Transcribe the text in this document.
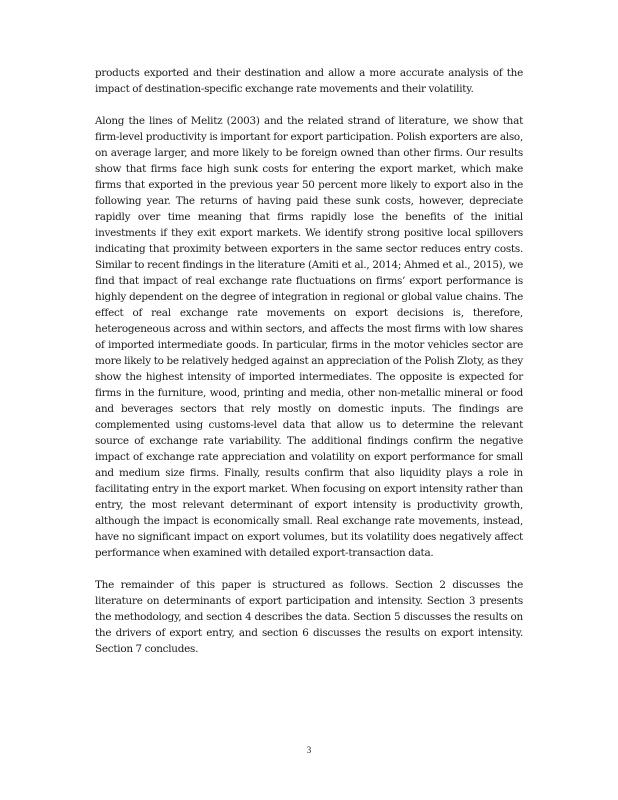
products exported and their destination and allow a more accurate analysis of the impact of destination-specific exchange rate movements and their volatility.

Along the lines of Melitz (2003) and the related strand of literature, we show that firm-level productivity is important for export participation. Polish exporters are also, on average larger, and more likely to be foreign owned than other firms. Our results show that firms face high sunk costs for entering the export market, which make firms that exported in the previous year 50 percent more likely to export also in the following year. The returns of having paid these sunk costs, however, depreciate rapidly over time meaning that firms rapidly lose the benefits of the initial investments if they exit export markets. We identify strong positive local spillovers indicating that proximity between exporters in the same sector reduces entry costs. Similar to recent findings in the literature (Amiti et al., 2014; Ahmed et al., 2015), we find that impact of real exchange rate fluctuations on firms’ export performance is highly dependent on the degree of integration in regional or global value chains. The effect of real exchange rate movements on export decisions is, therefore, heterogeneous across and within sectors, and affects the most firms with low shares of imported intermediate goods. In particular, firms in the motor vehicles sector are more likely to be relatively hedged against an appreciation of the Polish Zloty, as they show the highest intensity of imported intermediates. The opposite is expected for firms in the furniture, wood, printing and media, other non-metallic mineral or food and beverages sectors that rely mostly on domestic inputs. The findings are complemented using customs-level data that allow us to determine the relevant source of exchange rate variability. The additional findings confirm the negative impact of exchange rate appreciation and volatility on export performance for small and medium size firms. Finally, results confirm that also liquidity plays a role in facilitating entry in the export market. When focusing on export intensity rather than entry, the most relevant determinant of export intensity is productivity growth, although the impact is economically small. Real exchange rate movements, instead, have no significant impact on export volumes, but its volatility does negatively affect performance when examined with detailed export-transaction data.

The remainder of this paper is structured as follows. Section 2 discusses the literature on determinants of export participation and intensity. Section 3 presents the methodology, and section 4 describes the data. Section 5 discusses the results on the drivers of export entry, and section 6 discusses the results on export intensity. Section 7 concludes.

3
